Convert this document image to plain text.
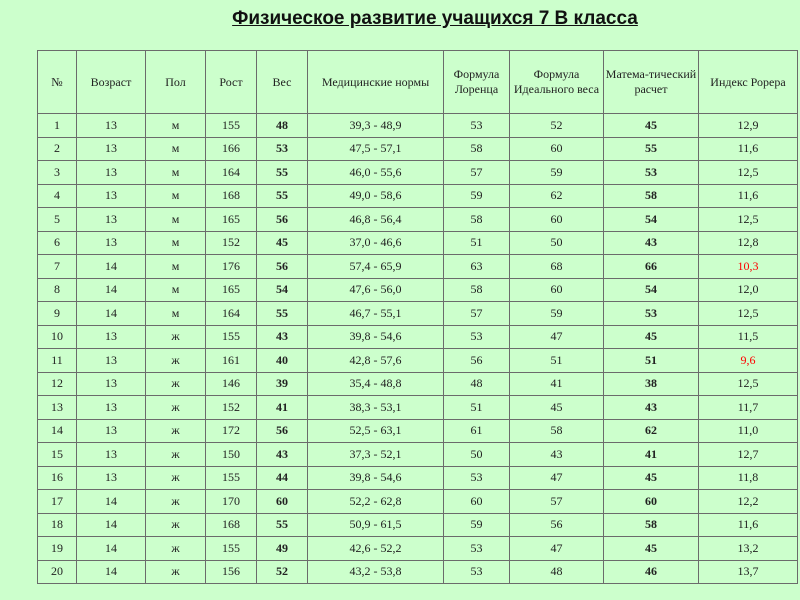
Физическое развитие учащихся 7 В класса
№	Возраст	Пол	Рост	Вес	Медицинские нормы	Формула Лоренца	Формула Идеального веса	Матема-тический расчет	Индекс Рорера
1	13	м	155	48	39,3 - 48,9	53	52	45	12,9
2	13	м	166	53	47,5 - 57,1	58	60	55	11,6
3	13	м	164	55	46,0 - 55,6	57	59	53	12,5
4	13	м	168	55	49,0 - 58,6	59	62	58	11,6
5	13	м	165	56	46,8 - 56,4	58	60	54	12,5
6	13	м	152	45	37,0 - 46,6	51	50	43	12,8
7	14	м	176	56	57,4 - 65,9	63	68	66	10,3
8	14	м	165	54	47,6 - 56,0	58	60	54	12,0
9	14	м	164	55	46,7 - 55,1	57	59	53	12,5
10	13	ж	155	43	39,8 - 54,6	53	47	45	11,5
11	13	ж	161	40	42,8 - 57,6	56	51	51	9,6
12	13	ж	146	39	35,4 - 48,8	48	41	38	12,5
13	13	ж	152	41	38,3 - 53,1	51	45	43	11,7
14	13	ж	172	56	52,5 - 63,1	61	58	62	11,0
15	13	ж	150	43	37,3 - 52,1	50	43	41	12,7
16	13	ж	155	44	39,8 - 54,6	53	47	45	11,8
17	14	ж	170	60	52,2 - 62,8	60	57	60	12,2
18	14	ж	168	55	50,9 - 61,5	59	56	58	11,6
19	14	ж	155	49	42,6 - 52,2	53	47	45	13,2
20	14	ж	156	52	43,2 - 53,8	53	48	46	13,7
